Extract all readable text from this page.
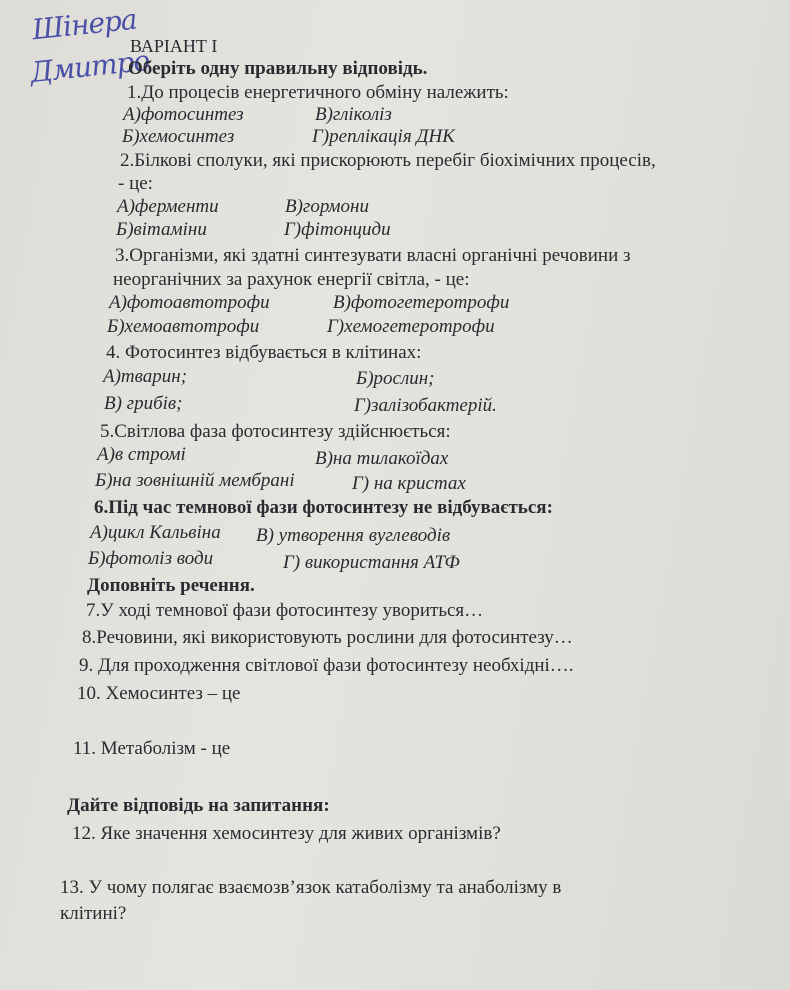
Шінера
Дмитро
ВАРІАНТ І
Оберіть одну правильну відповідь.
1.До процесів енергетичного обміну належить:
А)фотосинтез	В)гліколіз
Б)хемосинтез	Г)реплікація ДНК
2.Білкові сполуки, які прискорюють перебіг біохімічних процесів,
- це:
А)ферменти	В)гормони
Б)вітаміни	Г)фітонциди
3.Організми, які здатні синтезувати власні органічні речовини з
неорганічних за рахунок енергії світла, - це:
А)фотоавтотрофи	В)фотогетеротрофи
Б)хемоавтотрофи	Г)хемогетеротрофи
4. Фотосинтез відбувається в клітинах:
А)тварин;	Б)рослин;
В) грибів;	Г)залізобактерій.
5.Світлова фаза фотосинтезу здійснюється:
А)в стромі	В)на тилакоїдах
Б)на зовнішній мембрані	Г) на кристах
6.Під час темнової фази фотосинтезу не відбувається:
А)цикл Кальвіна В) утворення вуглеводів
Б)фотоліз води	Г) використання АТФ
Доповніть речення.
7.У ході темнової фази фотосинтезу увориться…
8.Речовини, які використовують рослини для фотосинтезу…
9. Для проходження світлової фази фотосинтезу необхідні….
10. Хемосинтез – це
11. Метаболізм - це
Дайте відповідь на запитання:
12. Яке значення хемосинтезу для живих організмів?
13. У чому полягає взаємозв’язок катаболізму та анаболізму в
клітині?
